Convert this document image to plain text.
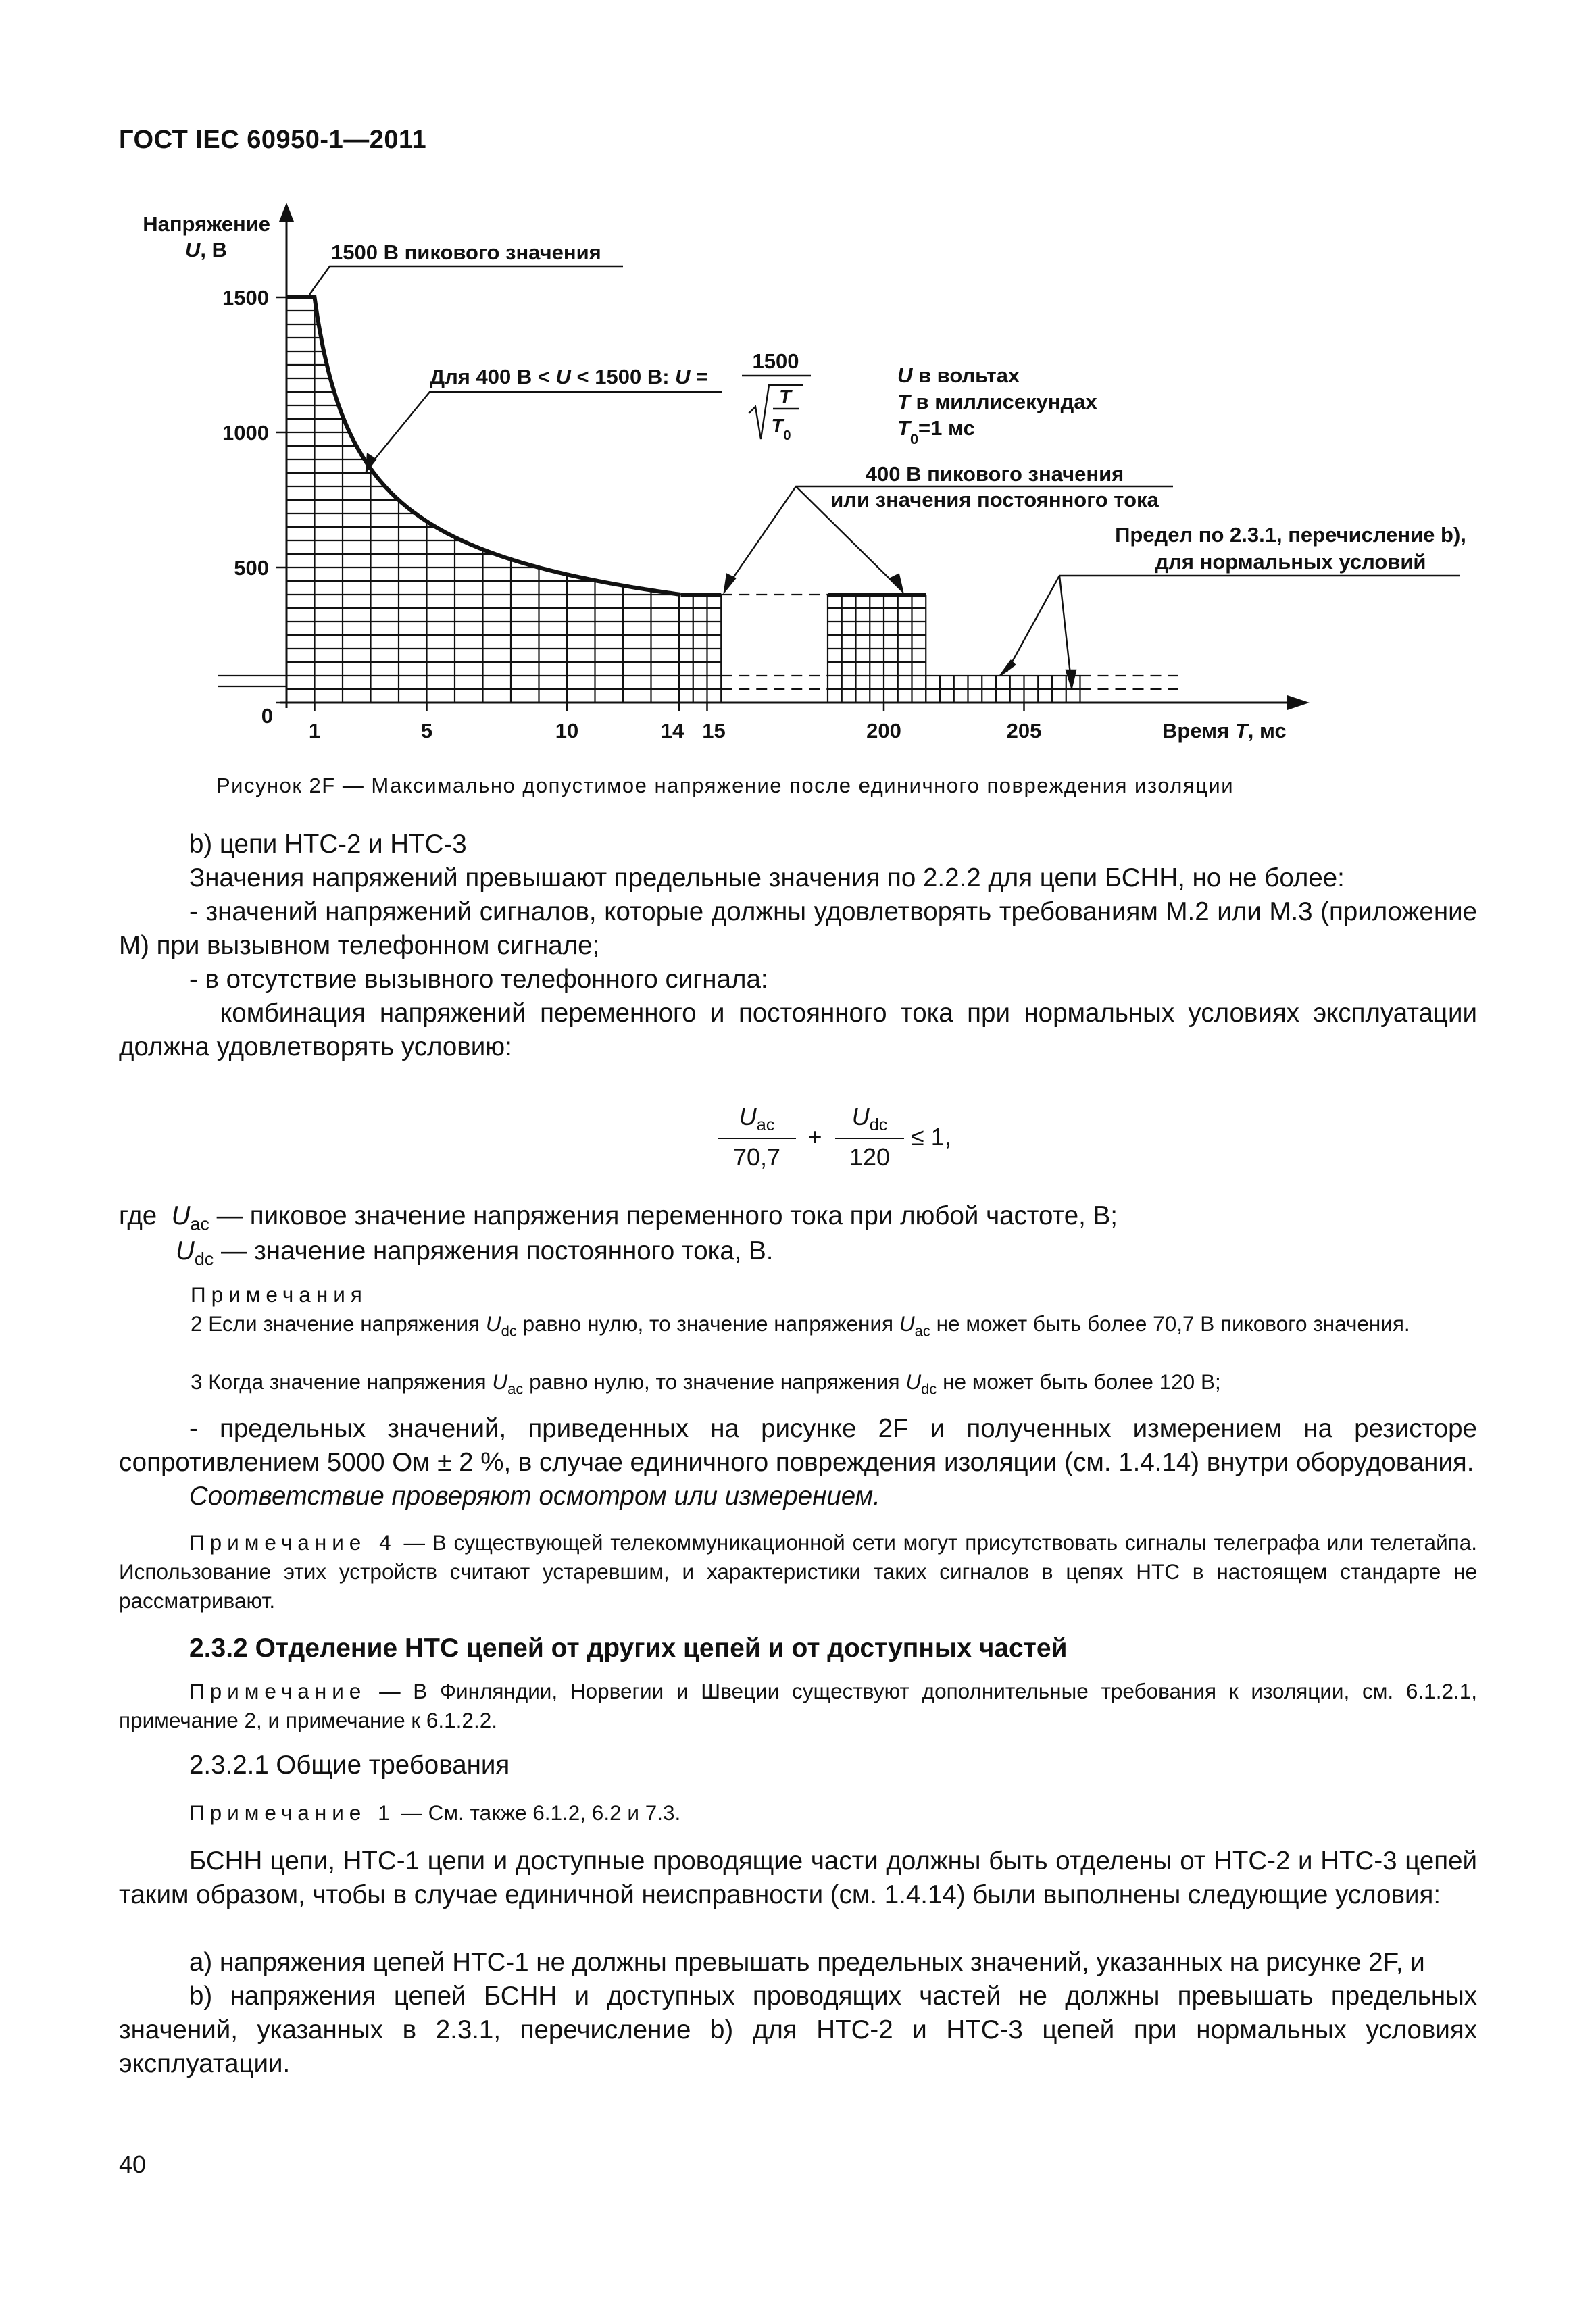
ГОСТ IEC 60950-1—2011
Напряжение
U, В
1500
1000
500
0
1	5	10	14 15	200	205	Время T, мс
1500 В пикового значения
Для 400 В < U < 1500 В: U =
1500
T
$T_0$
U в вольтах
T в миллисекундах
$T_0=1$ мс
400 В пикового значения
или значения постоянного тока
Предел по 2.3.1, перечисление b),
для нормальных условий
Рисунок 2F — Максимально допустимое напряжение после единичного повреждения изоляции
b) цепи НТС-2 и НТС-3
Значения напряжений превышают предельные значения по 2.2.2 для цепи БСНН, но не более:
- значений напряжений сигналов, которые должны удовлетворять требованиям М.2 или М.3 (приложение М) при вызывном телефонном сигнале;
- в отсутствие вызывного телефонного сигнала:
комбинация напряжений переменного и постоянного тока при нормальных условиях эксплуатации должна удовлетворять условию:
$U_{ac}$
70,7
+
$U_{dc}$
120
≤ 1,
где $U_{ac}$ — пиковое значение напряжения переменного тока при любой частоте, В;
$U_{dc}$ — значение напряжения постоянного тока, В.
Примечания
2 Если значение напряжения $U_{dc}$ равно нулю, то значение напряжения $U_{ac}$ не может быть более 70,7 В пикового значения.
3 Когда значение напряжения $U_{ac}$ равно нулю, то значение напряжения $U_{dc}$ не может быть более 120 В;
- предельных значений, приведенных на рисунке 2F и полученных измерением на резисторе сопротивлением 5000 Ом ± 2 %, в случае единичного повреждения изоляции (см. 1.4.14) внутри оборудования.
Соответствие проверяют осмотром или измерением.
Примечание 4 — В существующей телекоммуникационной сети могут присутствовать сигналы телеграфа или телетайпа. Использование этих устройств считают устаревшим, и характеристики таких сигналов в цепях НТС в настоящем стандарте не рассматривают.
2.3.2 Отделение НТС цепей от других цепей и от доступных частей
Примечание — В Финляндии, Норвегии и Швеции существуют дополнительные требования к изоляции, см. 6.1.2.1, примечание 2, и примечание к 6.1.2.2.
2.3.2.1 Общие требования
Примечание 1 — См. также 6.1.2, 6.2 и 7.3.
БСНН цепи, НТС-1 цепи и доступные проводящие части должны быть отделены от НТС-2 и НТС-3 цепей таким образом, чтобы в случае единичной неисправности (см. 1.4.14) были выполнены следующие условия:
а) напряжения цепей НТС-1 не должны превышать предельных значений, указанных на рисунке 2F, и
b) напряжения цепей БСНН и доступных проводящих частей не должны превышать предельных значений, указанных в 2.3.1, перечисление b) для НТС-2 и НТС-3 цепей при нормальных условиях эксплуатации.
40
